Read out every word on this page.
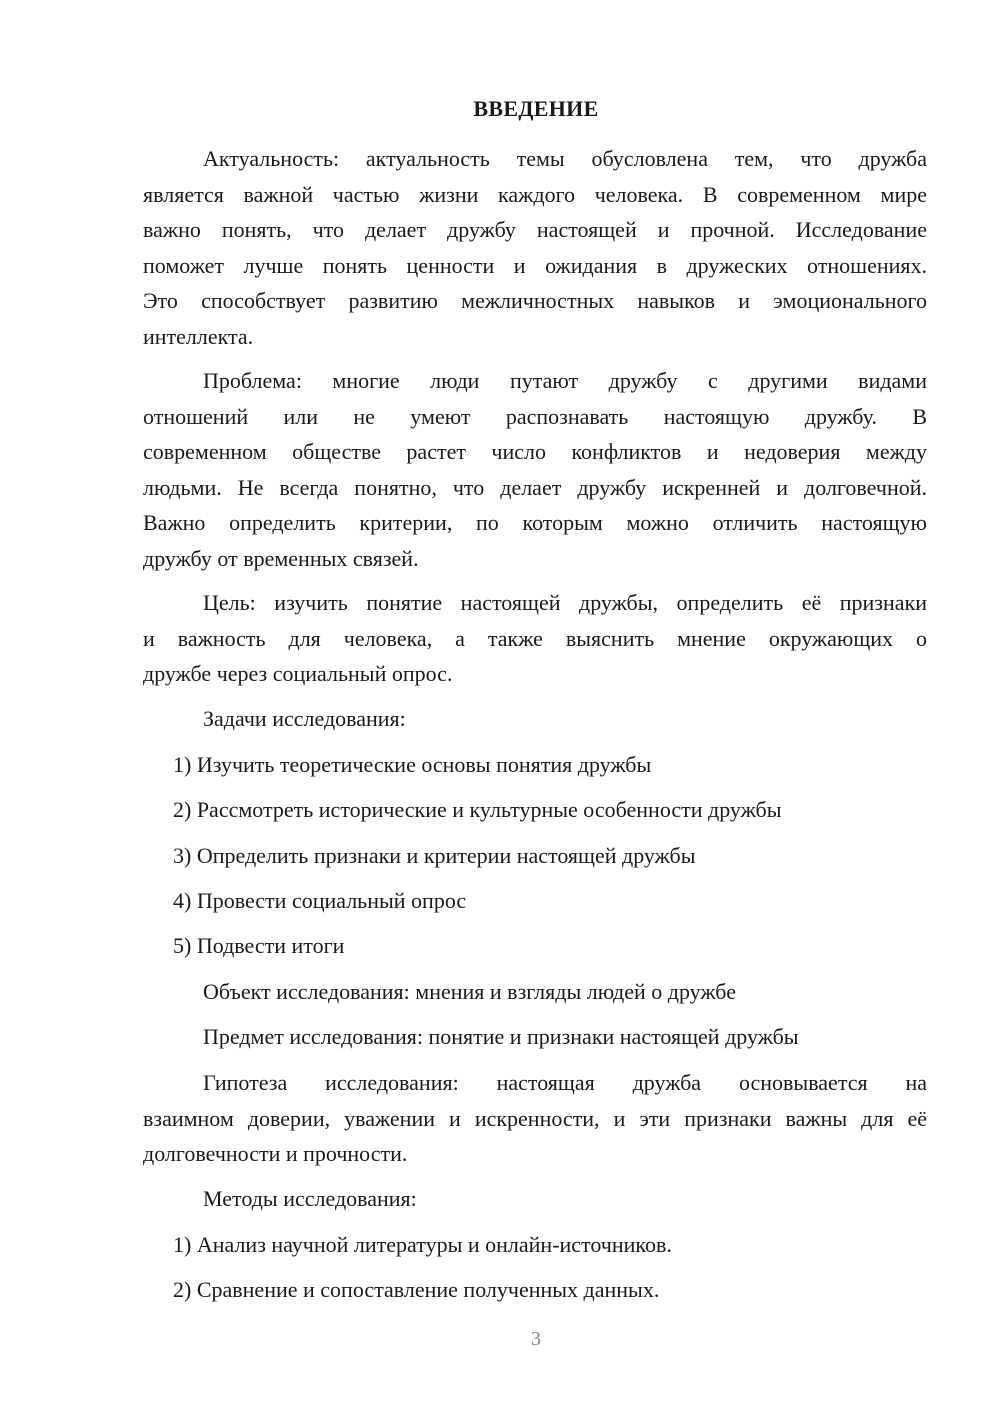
ВВЕДЕНИЕ
Актуальность: актуальность темы обусловлена тем, что дружба
является важной частью жизни каждого человека. В современном мире
важно понять, что делает дружбу настоящей и прочной. Исследование
поможет лучше понять ценности и ожидания в дружеских отношениях.
Это способствует развитию межличностных навыков и эмоционального
интеллекта.
Проблема: многие люди путают дружбу с другими видами
отношений или не умеют распознавать настоящую дружбу. В
современном обществе растет число конфликтов и недоверия между
людьми. Не всегда понятно, что делает дружбу искренней и долговечной.
Важно определить критерии, по которым можно отличить настоящую
дружбу от временных связей.
Цель: изучить понятие настоящей дружбы, определить её признаки
и важность для человека, а также выяснить мнение окружающих о
дружбе через социальный опрос.
Задачи исследования:
1) Изучить теоретические основы понятия дружбы
2) Рассмотреть исторические и культурные особенности дружбы
3) Определить признаки и критерии настоящей дружбы
4) Провести социальный опрос
5) Подвести итоги
Объект исследования: мнения и взгляды людей о дружбе
Предмет исследования: понятие и признаки настоящей дружбы
Гипотеза исследования: настоящая дружба основывается на
взаимном доверии, уважении и искренности, и эти признаки важны для её
долговечности и прочности.
Методы исследования:
1) Анализ научной литературы и онлайн-источников.
2) Сравнение и сопоставление полученных данных.
3
